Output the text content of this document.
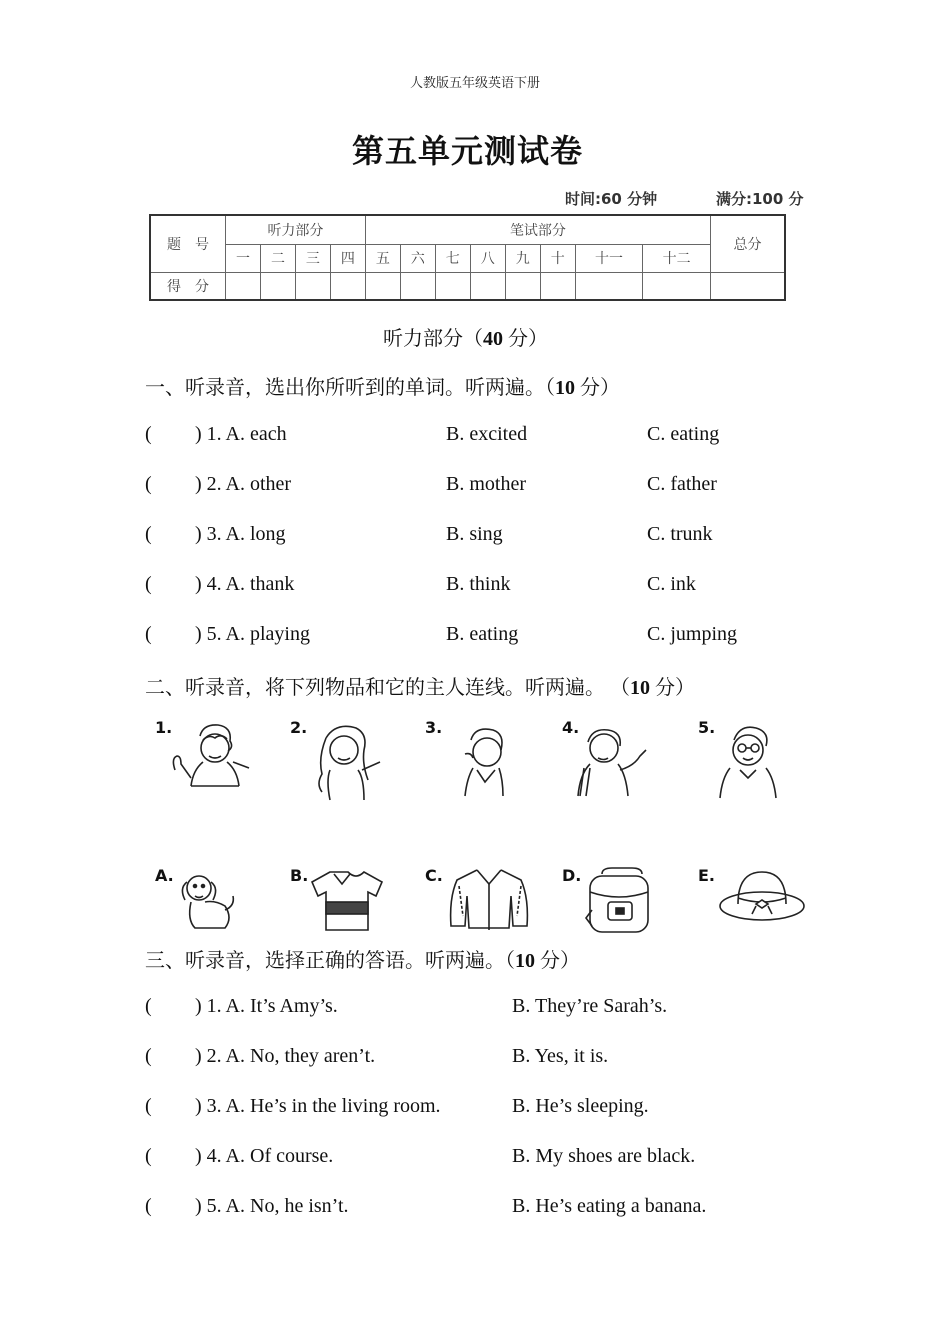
人教版五年级英语下册
第五单元测试卷
时间:60 分钟	满分:100 分
题　号	听力部分				笔试部分								总分
	一	二	三	四	五	六	七	八	九	十	十一	十二	
得　分													
听力部分（40 分）
一、听录音，选出你所听到的单词。听两遍。（10 分）
( ) 1. A. each	B. excited	C. eating
( ) 2. A. other	B. mother	C. father
( ) 3. A. long	B. sing	C. trunk
( ) 4. A. thank	B. think	C. ink
( ) 5. A. playing	B. eating	C. jumping
二、听录音，将下列物品和它的主人连线。听两遍。 （10 分）
1.	2.	3.	4.	5.
A.	B.	C.	D.	E.
三、听录音，选择正确的答语。听两遍。（10 分）
( ) 1. A. It’s Amy’s.	B. They’re Sarah’s.
( ) 2. A. No, they aren’t.	B. Yes, it is.
( ) 3. A. He’s in the living room.	B. He’s sleeping.
( ) 4. A. Of course.	B. My shoes are black.
( ) 5. A. No, he isn’t.	B. He’s eating a banana.
